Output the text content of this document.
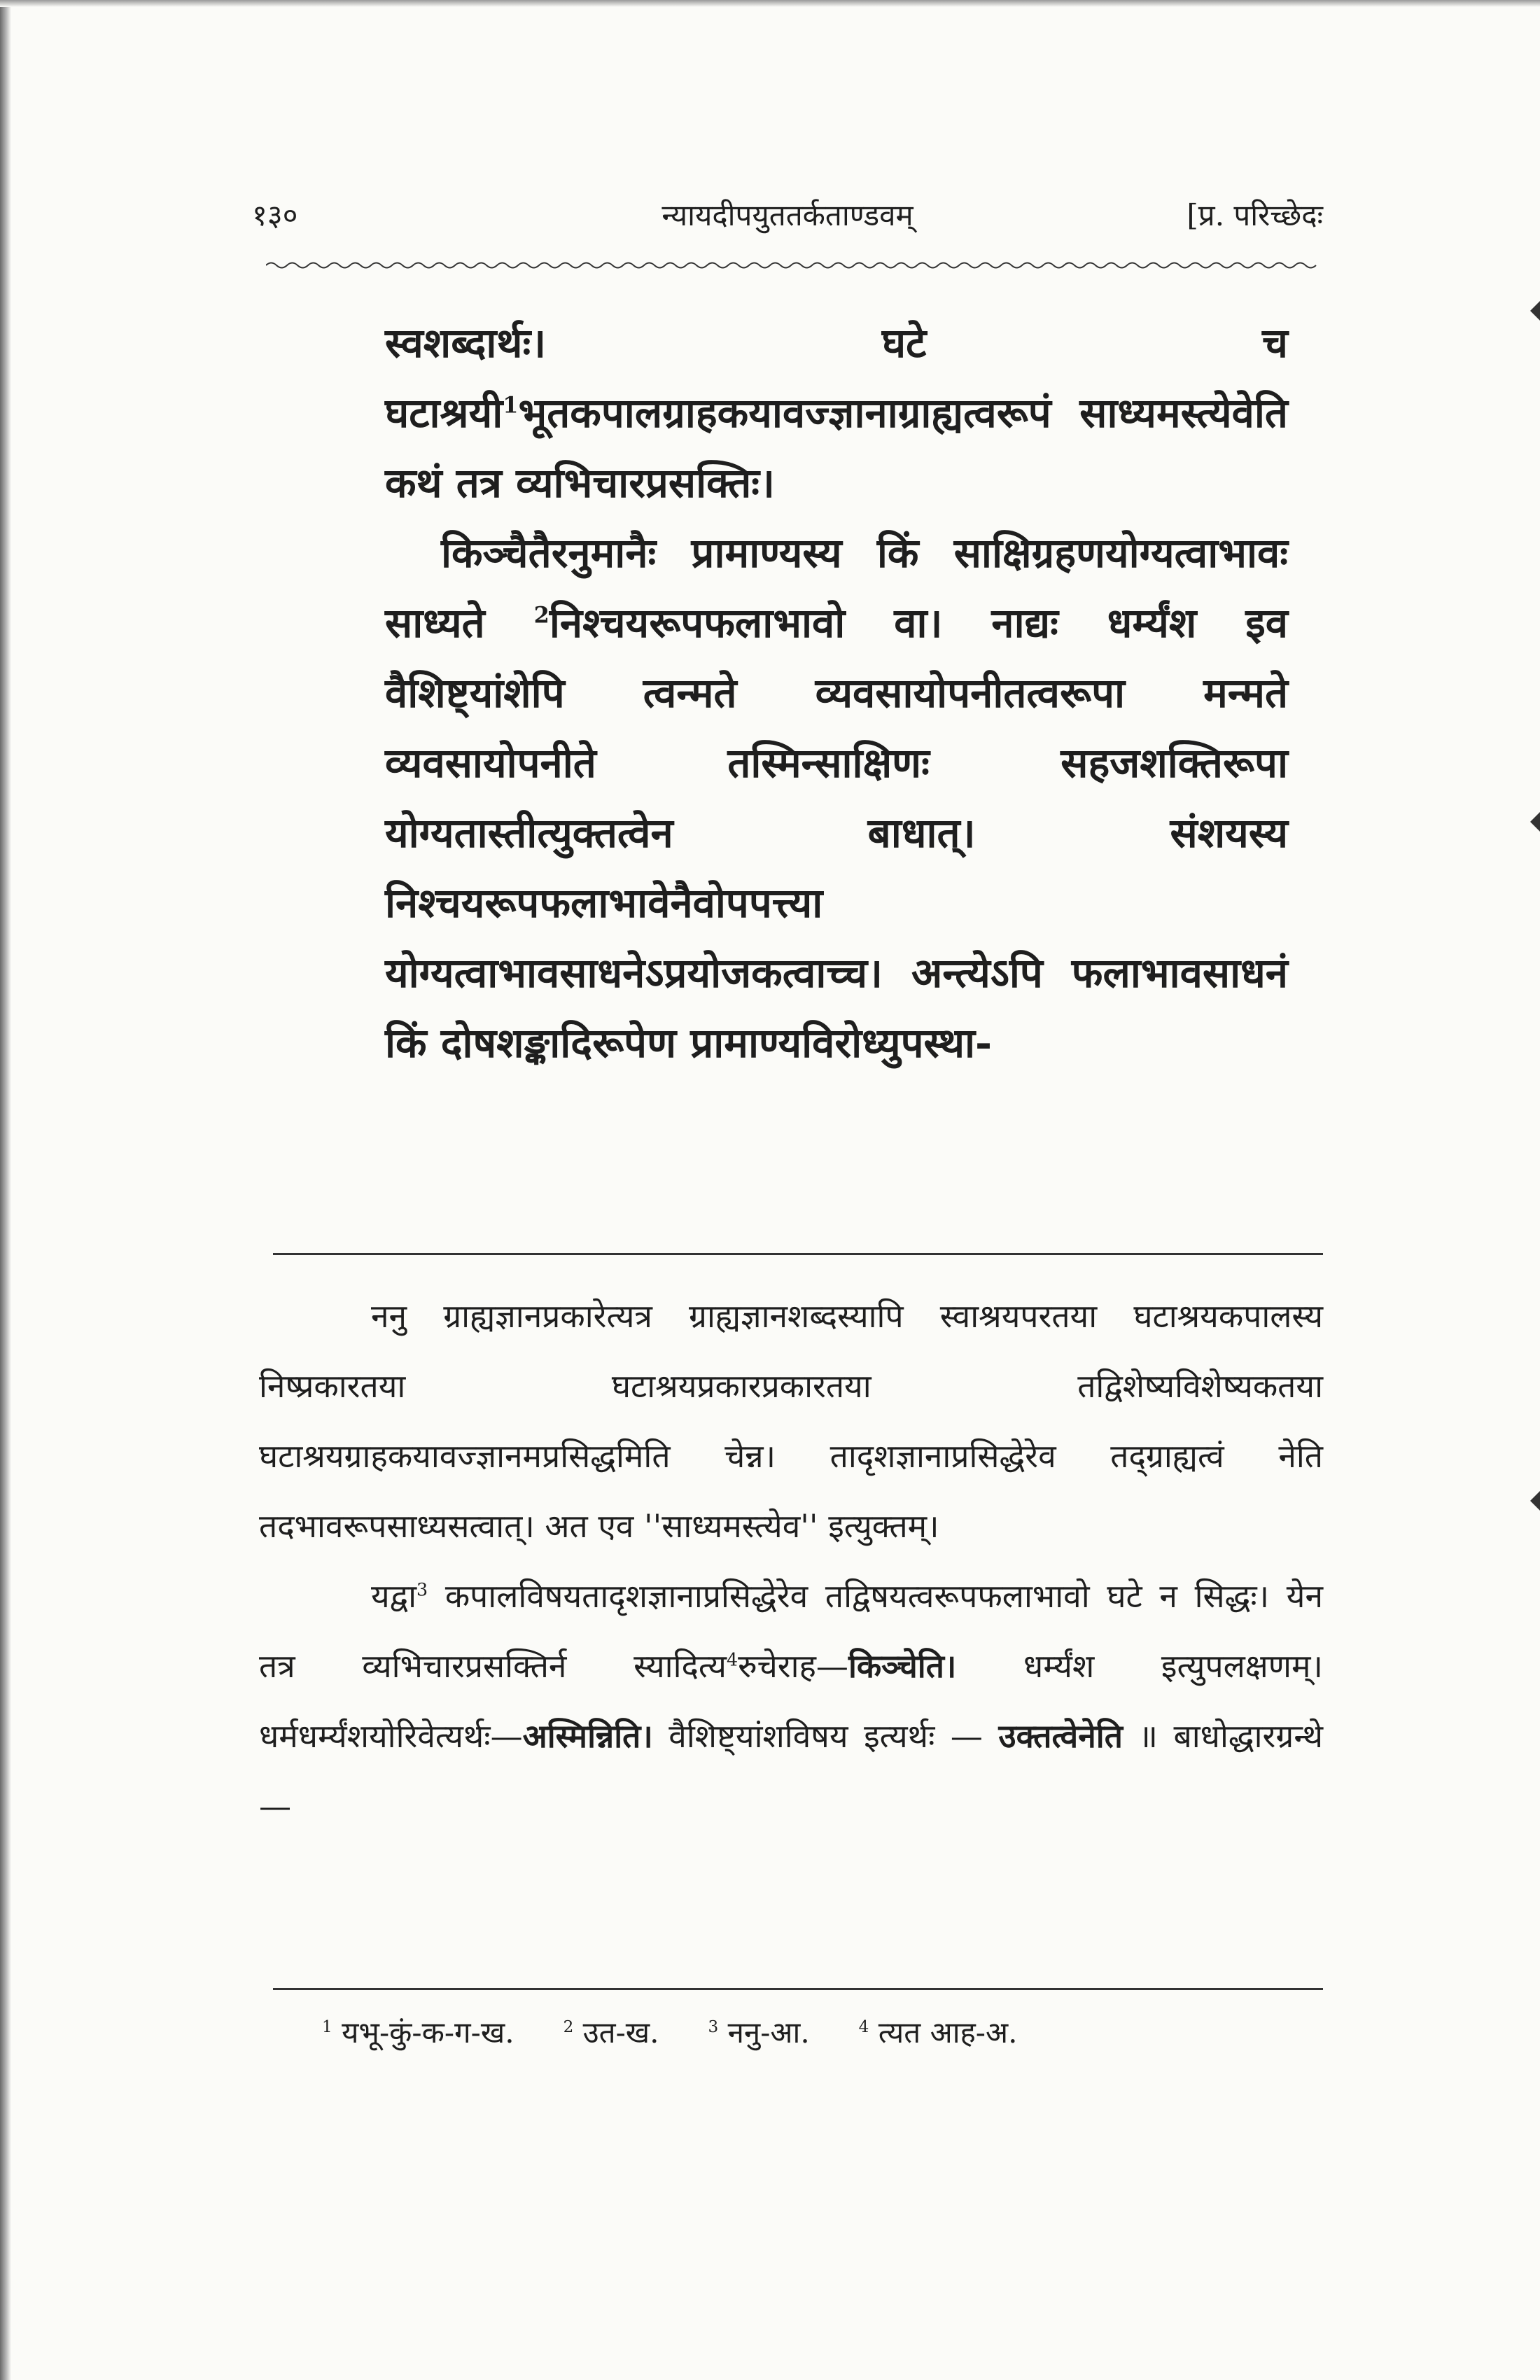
१३०	न्यायदीपयुततर्कताण्डवम्	[प्र. परिच्छेदः

स्वशब्दार्थः। घटे च घटाश्रयी$^1$भूतकपालग्राहकयावज्ज्ञानाग्राह्यत्वरूपं साध्यमस्त्येवेति कथं तत्र व्यभिचारप्रसक्तिः।

किञ्चैतैरनुमानैः प्रामाण्यस्य किं साक्षिग्रहणयोग्यत्वाभावः साध्यते $^2$निश्चयरूपफलाभावो वा। नाद्यः धर्म्यंश इव वैशिष्ट्यांशेपि त्वन्मते व्यवसायोपनीतत्वरूपा मन्मते व्यवसायोपनीते तस्मिन्साक्षिणः सहजशक्तिरूपा योग्यतास्तीत्युक्तत्वेन बाधात्। संशयस्य निश्चयरूपफलाभावेनैवोपपत्त्या योग्यत्वाभावसाधनेऽप्रयोजकत्वाच्च। अन्त्येऽपि फलाभावसाधनं किं दोषशङ्कादिरूपेण प्रामाण्यविरोध्युपस्था-

ननु ग्राह्यज्ञानप्रकारेत्यत्र ग्राह्यज्ञानशब्दस्यापि स्वाश्रयपरतया घटाश्रयकपालस्य निष्प्रकारतया घटाश्रयप्रकारप्रकारतया तद्विशेष्यविशेष्यकतया घटाश्रयग्राहकयावज्ज्ञानमप्रसिद्धमिति चेन्न। तादृशज्ञानाप्रसिद्धेरेव तद्ग्राह्यत्वं नेति तदभावरूपसाध्यसत्वात्। अत एव ''साध्यमस्त्येव'' इत्युक्तम्।

यद्वा$^3$ कपालविषयतादृशज्ञानाप्रसिद्धेरेव तद्विषयत्वरूपफलाभावो घटे न सिद्धः। येन तत्र व्यभिचारप्रसक्तिर्न स्यादित्य$^4$रुचेराह—किञ्चेति। धर्म्यंश इत्युपलक्षणम्। धर्मधर्म्यंशयोरिवेत्यर्थः—अस्मिन्निति। वैशिष्ट्यांशविषय इत्यर्थः — उक्तत्वेनेति ॥ बाधोद्धारग्रन्थे —

$^1$ यभू-कुं-क-ग-ख.	$^2$ उत-ख.	$^3$ ननु-आ.	$^4$ त्यत आह-अ.
